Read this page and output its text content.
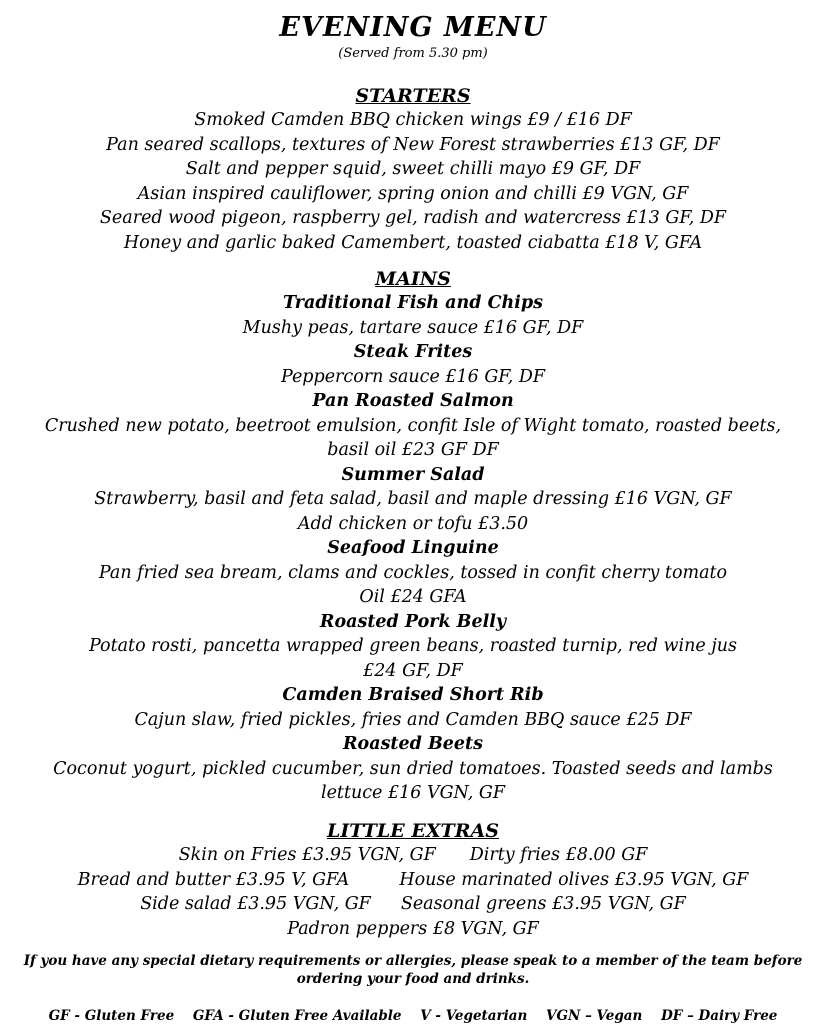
EVENING MENU
(Served from 5.30 pm)
STARTERS
Smoked Camden BBQ chicken wings £9 / £16 DF
Pan seared scallops, textures of New Forest strawberries £13 GF, DF
Salt and pepper squid, sweet chilli mayo £9 GF, DF
Asian inspired cauliflower, spring onion and chilli £9 VGN, GF
Seared wood pigeon, raspberry gel, radish and watercress £13 GF, DF
Honey and garlic baked Camembert, toasted ciabatta £18 V, GFA
MAINS
Traditional Fish and Chips
Mushy peas, tartare sauce £16 GF, DF
Steak Frites
Peppercorn sauce £16 GF, DF
Pan Roasted Salmon
Crushed new potato, beetroot emulsion, confit Isle of Wight tomato, roasted beets,
basil oil £23 GF DF
Summer Salad
Strawberry, basil and feta salad, basil and maple dressing £16 VGN, GF
Add chicken or tofu £3.50
Seafood Linguine
Pan fried sea bream, clams and cockles, tossed in confit cherry tomato
Oil £24 GFA
Roasted Pork Belly
Potato rosti, pancetta wrapped green beans, roasted turnip, red wine jus
£24 GF, DF
Camden Braised Short Rib
Cajun slaw, fried pickles, fries and Camden BBQ sauce £25 DF
Roasted Beets
Coconut yogurt, pickled cucumber, sun dried tomatoes. Toasted seeds and lambs
lettuce £16 VGN, GF
LITTLE EXTRAS
Skin on Fries £3.95 VGN, GF Dirty fries £8.00 GF
Bread and butter £3.95 V, GFA	House marinated olives £3.95 VGN, GF
Side salad £3.95 VGN, GF Seasonal greens £3.95 VGN, GF
Padron peppers £8 VGN, GF
If you have any special dietary requirements or allergies, please speak to a member of the team before ordering your food and drinks.
GF - Gluten Free GFA - Gluten Free Available V - Vegetarian VGN – Vegan DF – Dairy Free
